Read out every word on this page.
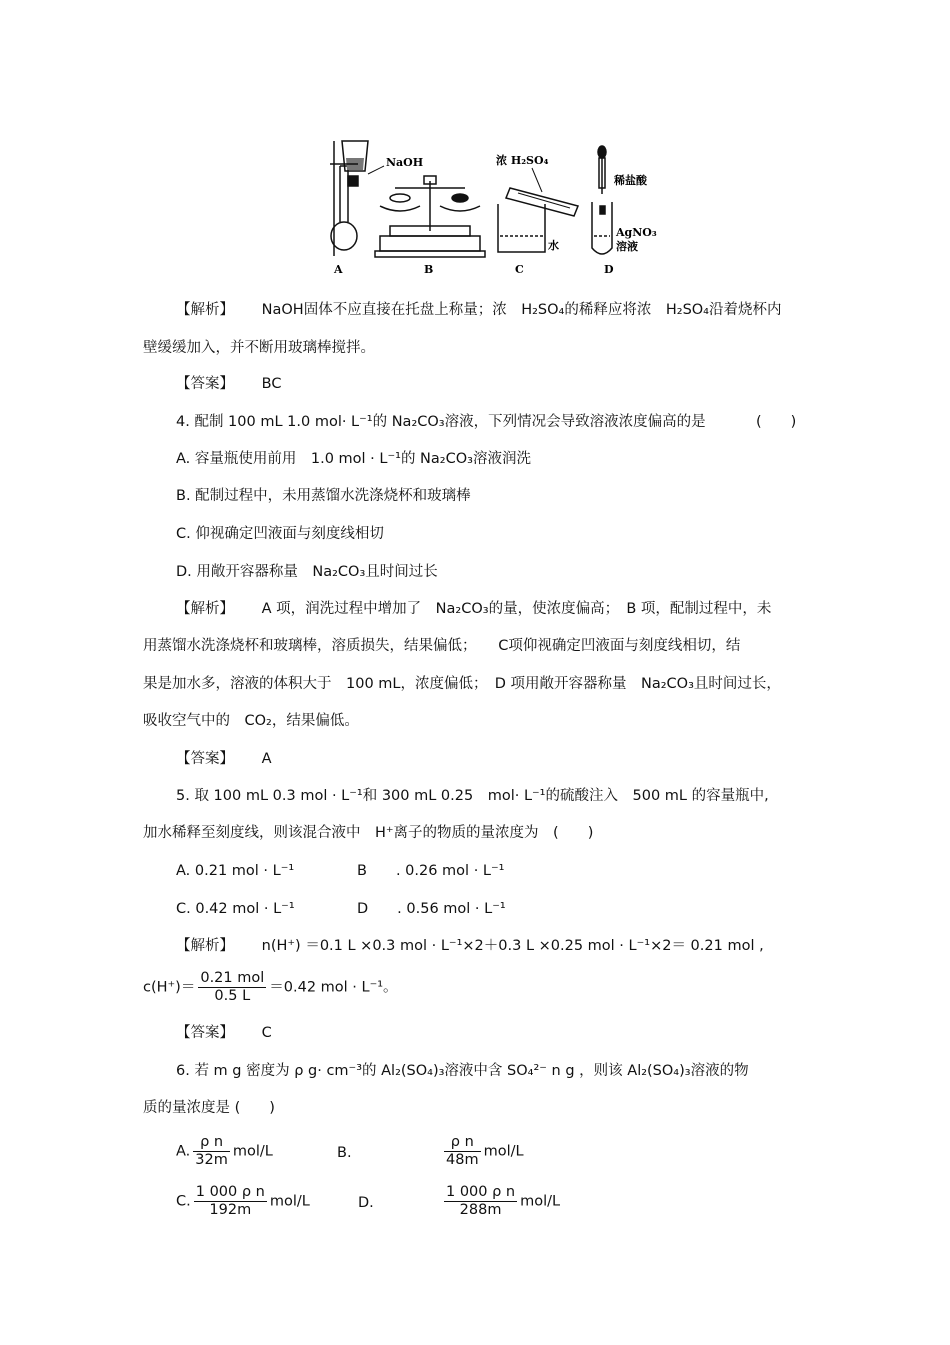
NaOH
A	B
浓 H₂SO₄
水
C
稀盐酸
AgNO₃
溶液
D
【解析】 NaOH固体不应直接在托盘上称量；浓　H₂SO₄的稀释应将浓　H₂SO₄沿着烧杯内
壁缓缓加入，并不断用玻璃棒搅拌。
【答案】 BC
4. 配制 100 mL 1.0 mol· L⁻¹的 Na₂CO₃溶液，下列情况会导致溶液浓度偏高的是	(　　)
A. 容量瓶使用前用　1.0 mol · L⁻¹的 Na₂CO₃溶液润洗
B. 配制过程中，未用蒸馏水洗涤烧杯和玻璃棒
C. 仰视确定凹液面与刻度线相切
D. 用敞开容器称量　Na₂CO₃且时间过长
【解析】 A 项，润洗过程中增加了　Na₂CO₃的量，使浓度偏高；　B 项，配制过程中，未
用蒸馏水洗涤烧杯和玻璃棒，溶质损失，结果偏低；　　C项仰视确定凹液面与刻度线相切，结
果是加水多，溶液的体积大于　100 mL，浓度偏低；　D 项用敞开容器称量　Na₂CO₃且时间过长，
吸收空气中的　CO₂，结果偏低。
【答案】 A
5. 取 100 mL 0.3 mol · L⁻¹和 300 mL 0.25　mol· L⁻¹的硫酸注入　500 mL 的容量瓶中,
加水稀释至刻度线，则该混合液中　H⁺离子的物质的量浓度为　(　　)
A. 0.21 mol · L⁻¹	B　　. 0.26 mol · L⁻¹
C. 0.42 mol · L⁻¹	D　　. 0.56 mol · L⁻¹
【解析】 n(H⁺) ＝0.1 L ×0.3 mol · L⁻¹×2＋0.3 L ×0.25 mol · L⁻¹×2＝ 0.21 mol ,
$c(H^+)= \frac{\text{0.21 mol}}{0.5 L} =0.42$ mol · L⁻¹。
【答案】 C
6. 若 m g 密度为 ρ g· cm⁻³的 Al₂(SO₄)₃溶液中含 SO₄²⁻ n g ，则该 Al₂(SO₄)₃溶液的物
质的量浓度是 (　　)
A. $\frac{\text{ρ n}}{32m} mol/L$	B.	$\frac{\text{ρ n}}{48m} mol/L$
C. $\frac{\text{1 000 ρ n}}{192m} mol/L$	D.	$\frac{\text{1 000 ρ n}}{288m} mol/L$
